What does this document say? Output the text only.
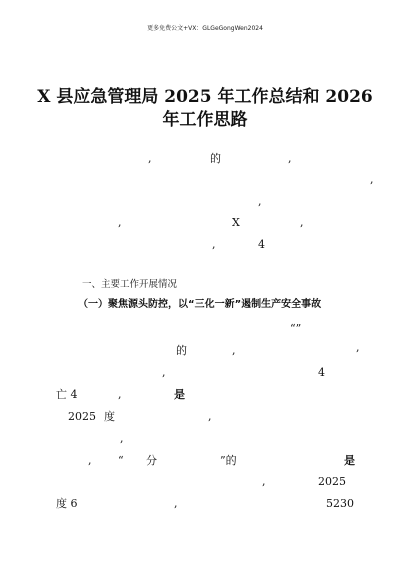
更多免费公文+VX：GLGeGongWen2024
X 县应急管理局 2025 年工作总结和 2026
年工作思路
,	的	,
,
,
,	X	,
,	4
一、主要工作开展情况
（一）聚焦源头防控，以“三化一新”遏制生产安全事故
“”
,
的	,
,	4
亡 4	,	是
2025 度	,
,
, “ 分	”的	是
,	2025
度 6	,	5230
